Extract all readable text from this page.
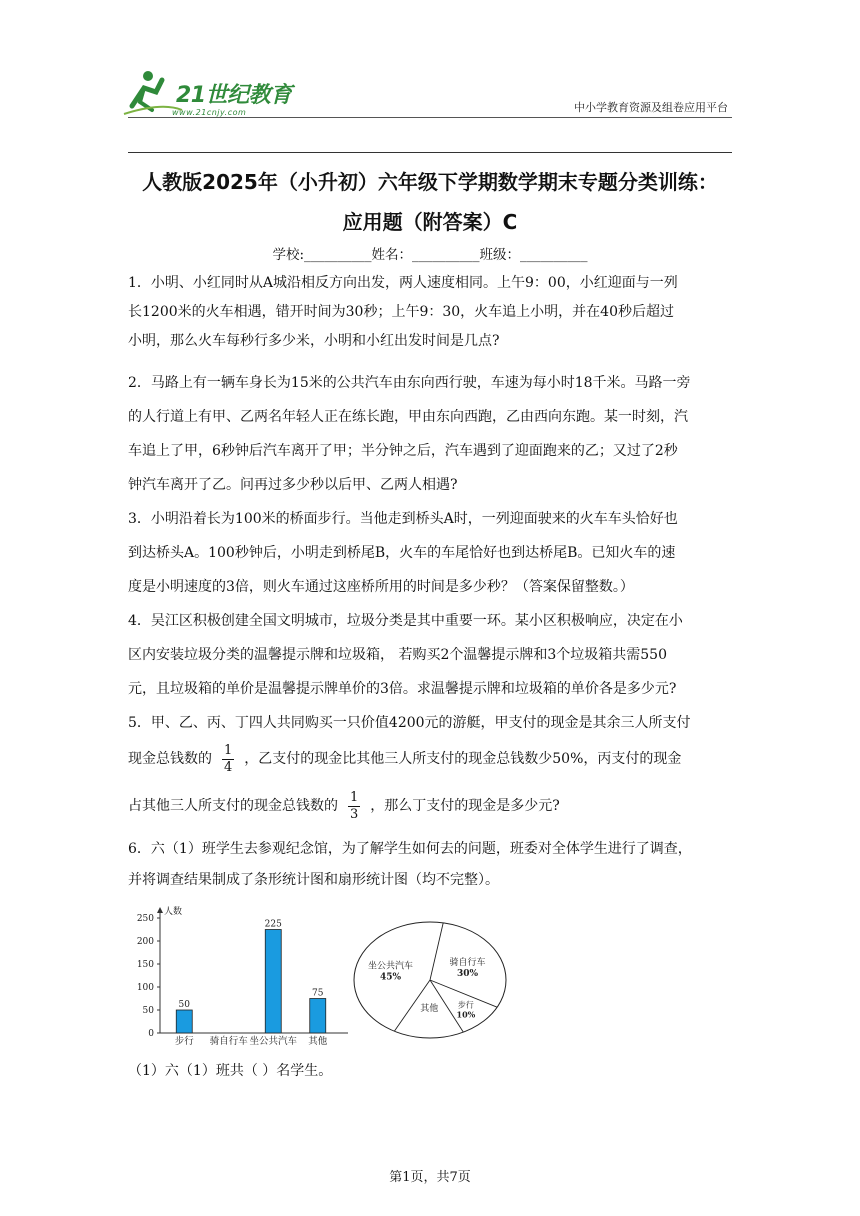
21世纪教育
www.21cnjy.com	中小学教育资源及组卷应用平台
人教版2025年（小升初）六年级下学期数学期末专题分类训练：
应用题（附答案）C
学校:__________姓名：__________班级：__________
1．小明、小红同时从A城沿相反方向出发，两人速度相同。上午9：00，小红迎面与一列
长1200米的火车相遇，错开时间为30秒；上午9：30，火车追上小明，并在40秒后超过
小明，那么火车每秒行多少米，小明和小红出发时间是几点?
2．马路上有一辆车身长为15米的公共汽车由东向西行驶，车速为每小时18千米。马路一旁
的人行道上有甲、乙两名年轻人正在练长跑，甲由东向西跑，乙由西向东跑。某一时刻，汽
车追上了甲，6秒钟后汽车离开了甲；半分钟之后，汽车遇到了迎面跑来的乙；又过了2秒
钟汽车离开了乙。问再过多少秒以后甲、乙两人相遇?
3．小明沿着长为100米的桥面步行。当他走到桥头A时，一列迎面驶来的火车车头恰好也
到达桥头A。100秒钟后，小明走到桥尾B，火车的车尾恰好也到达桥尾B。已知火车的速
度是小明速度的3倍，则火车通过这座桥所用的时间是多少秒？（答案保留整数。）
4．吴江区积极创建全国文明城市，垃圾分类是其中重要一环。某小区积极响应，决定在小
区内安装垃圾分类的温馨提示牌和垃圾箱， 若购买2个温馨提示牌和3个垃圾箱共需550
元，且垃圾箱的单价是温馨提示牌单价的3倍。求温馨提示牌和垃圾箱的单价各是多少元?
5．甲、乙、丙、丁四人共同购买一只价值4200元的游艇，甲支付的现金是其余三人所支付
现金总钱数的 $\frac{1}{4}$ ，乙支付的现金比其他三人所支付的现金总钱数少50%，丙支付的现金
占其他三人所支付的现金总钱数的 $\frac{1}{3}$ ，那么丁支付的现金是多少元?
6．六（1）班学生去参观纪念馆，为了解学生如何去的问题，班委对全体学生进行了调查，
并将调查结果制成了条形统计图和扇形统计图（均不完整）。
人数
0
50
100
150
200
250
50
步行 骑自行车
225
坐公共汽车
75
其他
骑自行车
30%
步行
10%
其他
坐公共汽车
45%
（1）六（1）班共（ ）名学生。
第1页，共7页
